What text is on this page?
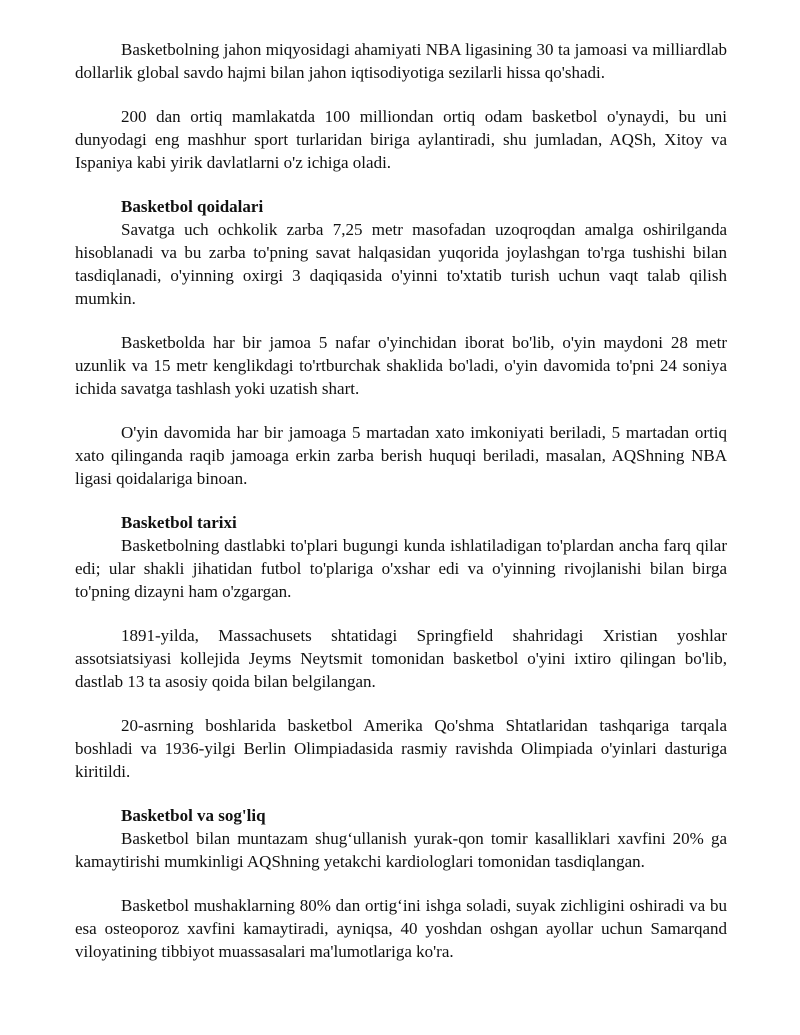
Basketbolning jahon miqyosidagi ahamiyati NBA ligasining 30 ta jamoasi va milliardlab dollarlik global savdo hajmi bilan jahon iqtisodiyotiga sezilarli hissa qo'shadi.

200 dan ortiq mamlakatda 100 milliondan ortiq odam basketbol o'ynaydi, bu uni dunyodagi eng mashhur sport turlaridan biriga aylantiradi, shu jumladan, AQSh, Xitoy va Ispaniya kabi yirik davlatlarni o'z ichiga oladi.

Basketbol qoidalari

Savatga uch ochkolik zarba 7,25 metr masofadan uzoqroqdan amalga oshirilganda hisoblanadi va bu zarba to'pning savat halqasidan yuqorida joylashgan to'rga tushishi bilan tasdiqlanadi, o'yinning oxirgi 3 daqiqasida o'yinni to'xtatib turish uchun vaqt talab qilish mumkin.

Basketbolda har bir jamoa 5 nafar o'yinchidan iborat bo'lib, o'yin maydoni 28 metr uzunlik va 15 metr kenglikdagi to'rtburchak shaklida bo'ladi, o'yin davomida to'pni 24 soniya ichida savatga tashlash yoki uzatish shart.

O'yin davomida har bir jamoaga 5 martadan xato imkoniyati beriladi, 5 martadan ortiq xato qilinganda raqib jamoaga erkin zarba berish huquqi beriladi, masalan, AQShning NBA ligasi qoidalariga binoan.

Basketbol tarixi

Basketbolning dastlabki to'plari bugungi kunda ishlatiladigan to'plardan ancha farq qilar edi; ular shakli jihatidan futbol to'plariga o'xshar edi va o'yinning rivojlanishi bilan birga to'pning dizayni ham o'zgargan.

1891-yilda, Massachusets shtatidagi Springfield shahridagi Xristian yoshlar assotsiatsiyasi kollejida Jeyms Neytsmit tomonidan basketbol o'yini ixtiro qilingan bo'lib, dastlab 13 ta asosiy qoida bilan belgilangan.

20-asrning boshlarida basketbol Amerika Qo'shma Shtatlaridan tashqariga tarqala boshladi va 1936-yilgi Berlin Olimpiadasida rasmiy ravishda Olimpiada o'yinlari dasturiga kiritildi.

Basketbol va sog'liq

Basketbol bilan muntazam shug‘ullanish yurak-qon tomir kasalliklari xavfini 20% ga kamaytirishi mumkinligi AQShning yetakchi kardiologlari tomonidan tasdiqlangan.

Basketbol mushaklarning 80% dan ortig‘ini ishga soladi, suyak zichligini oshiradi va bu esa osteoporoz xavfini kamaytiradi, ayniqsa, 40 yoshdan oshgan ayollar uchun Samarqand viloyatining tibbiyot muassasalari ma'lumotlariga ko'ra.
